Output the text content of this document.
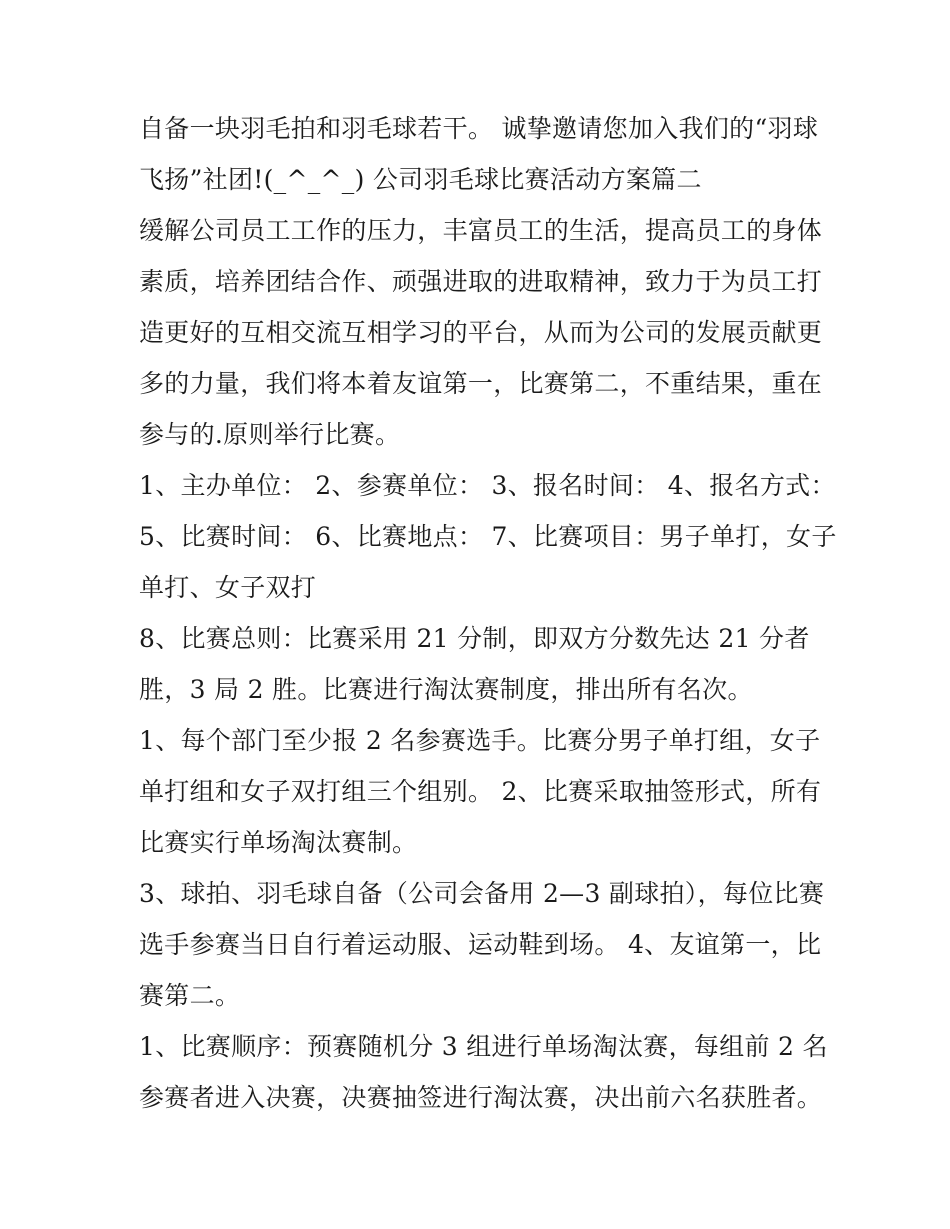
自备一块羽毛拍和羽毛球若干。 诚挚邀请您加入我们的“羽球
飞扬”社团!(_^_^_) 公司羽毛球比赛活动方案篇二
缓解公司员工工作的压力，丰富员工的生活，提高员工的身体
素质，培养团结合作、顽强进取的进取精神，致力于为员工打
造更好的互相交流互相学习的平台，从而为公司的发展贡献更
多的力量，我们将本着友谊第一，比赛第二，不重结果，重在
参与的.原则举行比赛。
1、主办单位： 2、参赛单位： 3、报名时间： 4、报名方式：
5、比赛时间： 6、比赛地点： 7、比赛项目：男子单打，女子
单打、女子双打
8、比赛总则：比赛采用 21 分制，即双方分数先达 21 分者
胜，3 局 2 胜。比赛进行淘汰赛制度，排出所有名次。
1、每个部门至少报 2 名参赛选手。比赛分男子单打组，女子
单打组和女子双打组三个组别。 2、比赛采取抽签形式，所有
比赛实行单场淘汰赛制。
3、球拍、羽毛球自备（公司会备用 2—3 副球拍），每位比赛
选手参赛当日自行着运动服、运动鞋到场。 4、友谊第一，比
赛第二。
1、比赛顺序：预赛随机分 3 组进行单场淘汰赛，每组前 2 名
参赛者进入决赛，决赛抽签进行淘汰赛，决出前六名获胜者。
